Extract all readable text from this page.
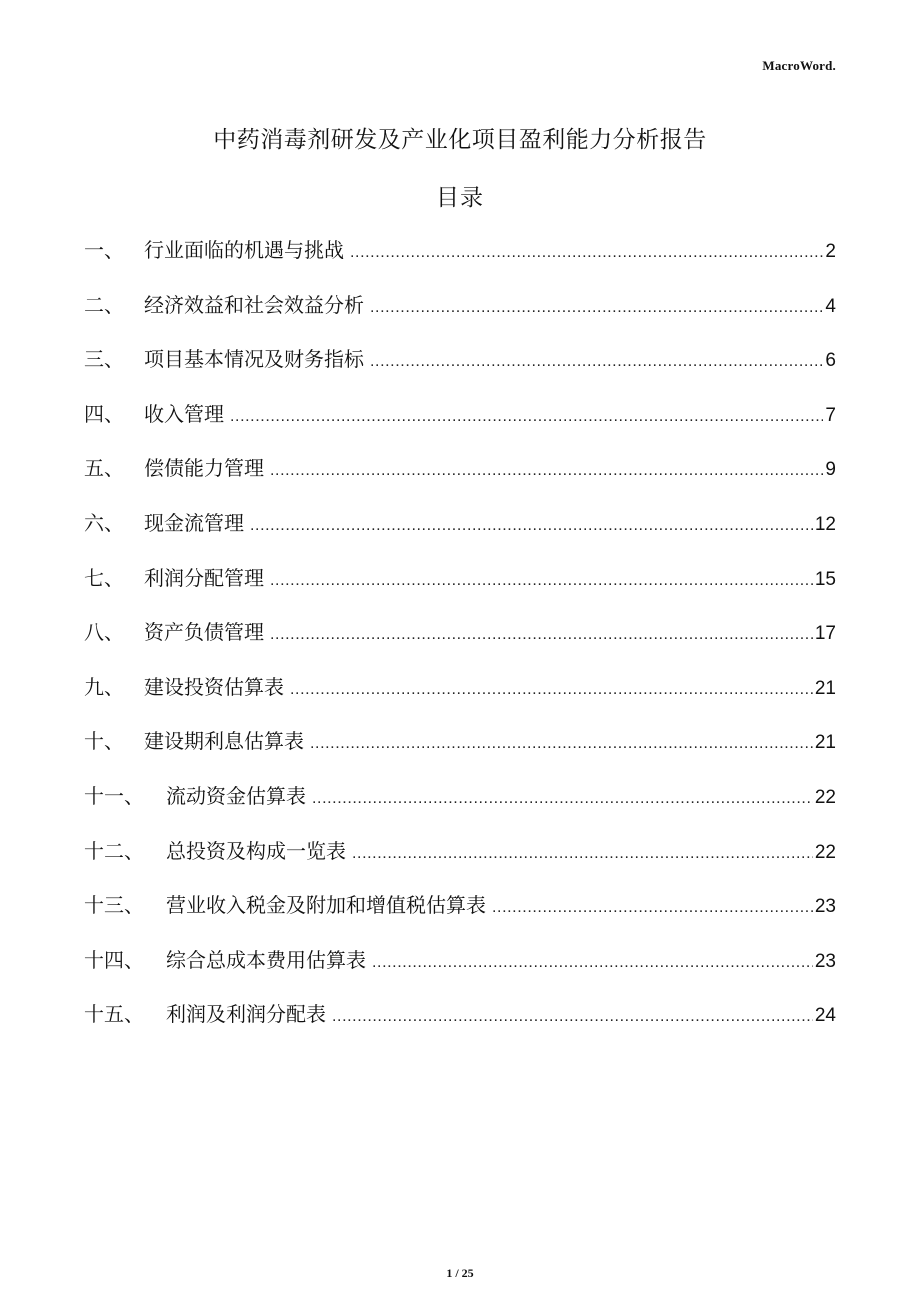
MacroWord.
中药消毒剂研发及产业化项目盈利能力分析报告
目录
一、	行业面临的机遇与挑战 .....	2
二、	经济效益和社会效益分析 .....	4
三、	项目基本情况及财务指标 .....	6
四、	收入管理 .....	7
五、	偿债能力管理 .....	9
六、	现金流管理 .....	12
七、	利润分配管理 .....	15
八、	资产负债管理 .....	17
九、	建设投资估算表 .....	21
十、	建设期利息估算表 .....	21
十一、	流动资金估算表 .....	22
十二、	总投资及构成一览表 .....	22
十三、	营业收入税金及附加和增值税估算表 .....	23
十四、	综合总成本费用估算表 .....	23
十五、	利润及利润分配表 .....	24
1 / 25
